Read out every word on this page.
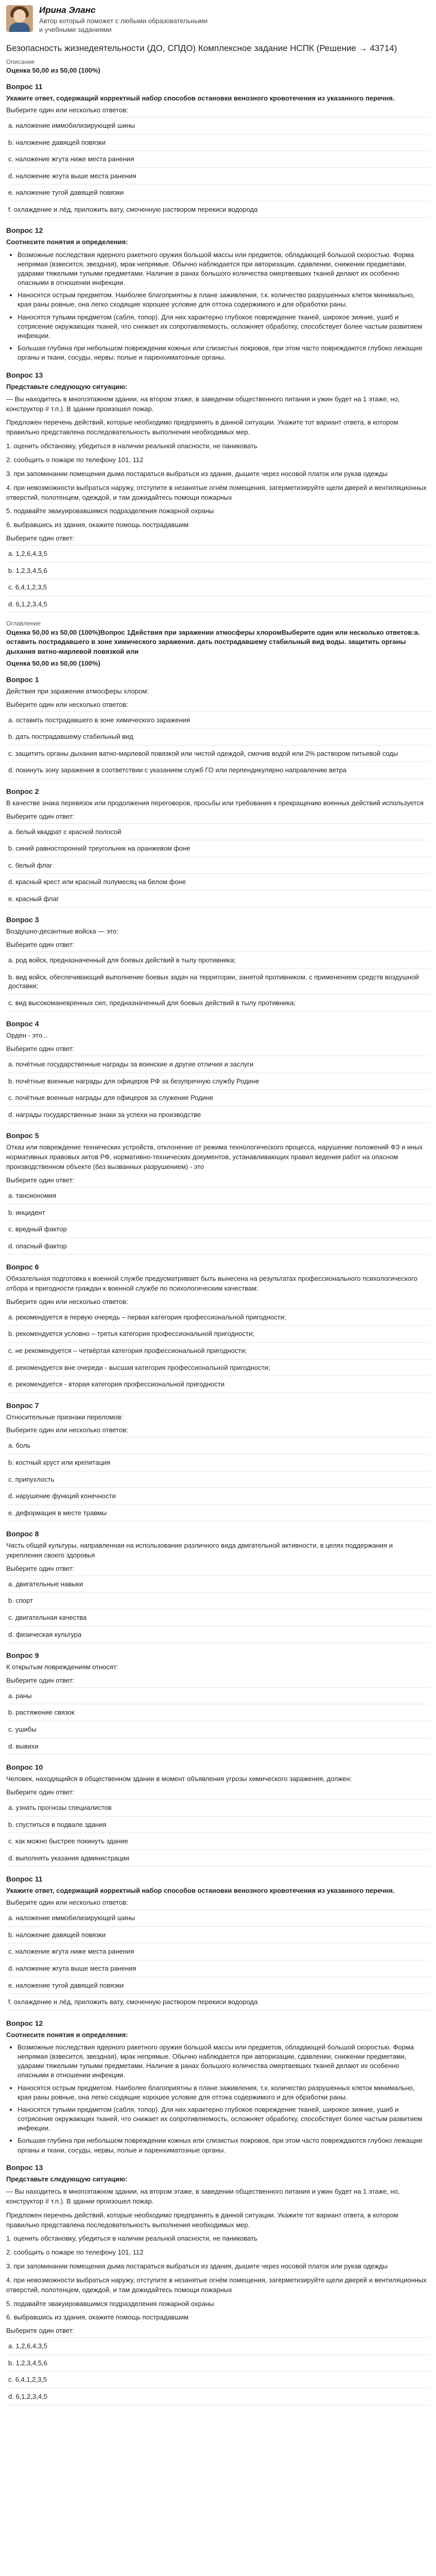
Ирина Эланс
Автор который поможет с любыми образовательными и учебными заданиями
Безопасность жизнедеятельности (ДО, СПДО) Комплексное задание НСПК (Решение → 43714)
Описание
Оценка 50,00 из 50,00 (100%)
Вопрос 11
Укажите ответ, содержащий корректный набор способов остановки венозного кровотечения из указанного перечня.
Выберите один или несколько ответов:
a. наложение иммобилизирующей шины
b. наложение давящей повязки
c. наложение жгута ниже места ранения
d. наложение жгута выше места ранения
e. наложение тугой давящей повязки
f. охлаждение и лёд, приложить вату, смоченную раствором перекиси водорода
Вопрос 12
Соотнесите понятия и определения:
• Возможные последствия ядерного ракетного оружия большой массы или предметов, обладающей большой скоростью. Форма непрямая (взвесится, звездная), мрак непрямые. Обычно наблюдается при авторизации, сдавлении, снижении предметами, ударами тяжелыми тупыми предметами. Наличие в ранах большого количества омертвевших тканей делают их особенно опасными в отношении инфекции.
• Наносятся острым предметом. Наиболее благоприятны в плане заживления, т.к. количество разрушенных клеток минимально, края раны ровные, она легко сходящие хорошее условие для оттока содержимого и для обработки раны.
• Наносятся тупыми предметом (сабля, топор). Для них характерно глубокое повреждение тканей, широкое зияние, ушиб и сотрясение окружающих тканей, что снижает их сопротивляемость, осложняет обработку, способствует более частым развитием инфекции.
• Большая глубина при небольшом повреждении кожных или слизистых покровов, при этом часто повреждаются глубоко лежащие органы и ткани, сосуды, нервы, полые и паренхиматозные органы.
Вопрос 13
Представьте следующую ситуацию:

— Вы находитесь в многоэтажном здании, на втором этаже, в заведении общественного питания и ужин будет на 1 этаже, но, конструктор # т.п.). В здании произошел пожар.

Предложен перечень действий, которые необходимо предпринять в данной ситуации. Укажите тот вариант ответа, в котором правильно представлена последовательность выполнения необходимых мер.

1. оценить обстановку, убедиться в наличии реальной опасности, не паниковать

2. сообщить о пожаре по телефону 101, 112

3. при запоминании помещения дыма постараться выбраться из здания, дышите через носовой платок или рукав одежды

4. при невозможности выбраться наружу, отступите в незанятые огнём помещения, загерметизируйте щели дверей и вентиляционных отверстий, полотенцем, одеждой, и там дожидайтесь помощи пожарных

5. подавайте эвакуировавшимся подразделения пожарной охраны

6. выбравшись из здания, окажите помощь пострадавшим

Выберите один ответ:
a. 1,2,6,4,3,5
b. 1,2,3,4,5,6
c. 6,4,1,2,3,5
d. 6,1,2,3,4,5
Оглавление
Оценка 50,00 из 50,00 (100%)Вопрос 1Действия при заражении атмосферы хлоромВыберите один или несколько ответов:a. оставить пострадавшего в зоне химического заражения. дать пострадавшему стабильный вид воды. защитить органы дыхания ватно-марлевой повязкой или
Оценка 50,00 из 50,00 (100%)
Вопрос 1
Действия при заражении атмосферы хлором:
Выберите один или несколько ответов:
a. оставить пострадавшего в зоне химического заражения
b. дать пострадавшему стабильный вид
c. защитить органы дыхания ватно-марлевой повязкой или чистой одеждой, смочив водой или 2% раствором питьевой соды
d. покинуть зону заражения в соответствии с указанием служб ГО или перпендикулярно направлению ветра
Вопрос 2
В качестве знака перевязок или продолжения переговоров, просьбы или требования к прекращению военных действий используется
Выберите один ответ:
a. белый квадрат с красной полосой
b. синий равносторонний треугольник на оранжевом фоне
c. белый флаг
d. красный крест или красный полумесяц на белом фоне
e. красный флаг
Вопрос 3
Воздушно-десантные войска — это:
Выберите один ответ:
a. род войск, предназначенный для боевых действий в тылу противника;
b. вид войск, обеспечивающий выполнение боевых задач на территории, занятой противником, с применением средств воздушной доставки;
c. вид высокоманевренных сил, предназначенный для боевых действий в тылу противника;
Вопрос 4
Орден - это...
Выберите один ответ:
a. почётные государственные награды за воинские и другие отличия и заслуги
b. почётные военные награды для офицеров РФ за безупречную службу Родине
c. почётные военные награды для офицеров за служение Родине
d. награды государственные знаки за успехи на производстве
Вопрос 5
Отказ или повреждение технических устройств, отклонение от режима технологического процесса, нарушение положений ФЗ и иных нормативных правовых актов РФ, нормативно-технических документов, устанавливающих правил ведения работ на опасном производственном объекте (без вызванных разрушением) - это
Выберите один ответ:
a. тансиономия
b. инцидент
c. вредный фактор
d. опасный фактор
Вопрос 6
Обязательная подготовка к военной службе предусматривает быть вынесена на результатах профессионального психологического отбора и пригодности граждан к военной службе по психологическим качествам:
Выберите один или несколько ответов:
a. рекомендуется в первую очередь – первая категория профессиональной пригодности;
b. рекомендуется условно – третья категория профессиональной пригодности;
c. не рекомендуется – четвёртая категория профессиональной пригодности;
d. рекомендуется вне очереди - высшая категория профессиональной пригодности;
e. рекомендуется - вторая категория профессиональной пригодности
Вопрос 7
Относительные признаки переломов:
Выберите один или несколько ответов:
a. боль
b. костный хруст или крепитация
c. припухлость
d. нарушение функций конечности
e. деформация в месте травмы
Вопрос 8
Часть общей культуры, направленная на использование различного вида двигательной активности, в целях поддержания и укрепления своего здоровья
Выберите один ответ:
a. двигательные навыки
b. спорт
c. двигательная качества
d. физическая культура
Вопрос 9
К открытым повреждениям относят:
Выберите один ответ:
a. раны
b. растяжение связок
c. ушибы
d. вывихи
Вопрос 10
Человек, находящийся в общественном здании в момент объявления угрозы химического заражения, должен:
Выберите один ответ:
a. узнать прогнозы специалистов
b. спуститься в подвале здания
c. как можно быстрее покинуть здание
d. выполнять указания администрации
Вопрос 11
Укажите ответ, содержащий корректный набор способов остановки венозного кровотечения из указанного перечня.
Выберите один или несколько ответов:
a. наложение иммобилизирующей шины
b. наложение давящей повязки
c. наложение жгута ниже места ранения
d. наложение жгута выше места ранения
e. наложение тугой давящей повязки
f. охлаждение и лёд, приложить вату, смоченную раствором перекиси водорода
Вопрос 12
Соотнесите понятия и определения:
• Возможные последствия ядерного ракетного оружия большой массы или предметов, обладающей большой скоростью. Форма непрямая (взвесится, звездная), мрак непрямые. Обычно наблюдается при авторизации, сдавлении, снижении предметами, ударами тяжелыми тупыми предметами. Наличие в ранах большого количества омертвевших тканей делают их особенно опасными в отношении инфекции.
• Наносятся острым предметом. Наиболее благоприятны в плане заживления, т.к. количество разрушенных клеток минимально, края раны ровные, она легко сходящие хорошее условие для оттока содержимого и для обработки раны.
• Наносятся тупыми предметом (сабля, топор). Для них характерно глубокое повреждение тканей, широкое зияние, ушиб и сотрясение окружающих тканей, что снижает их сопротивляемость, осложняет обработку, способствует более частым развитием инфекции.
• Большая глубина при небольшом повреждении кожных или слизистых покровов, при этом часто повреждаются глубоко лежащие органы и ткани, сосуды, нервы, полые и паренхиматозные органы.
Вопрос 13
Представьте следующую ситуацию:

— Вы находитесь в многоэтажном здании, на втором этаже, в заведении общественного питания и ужин будет на 1 этаже, но, конструктор # т.п.). В здании произошел пожар.

Предложен перечень действий, которые необходимо предпринять в данной ситуации. Укажите тот вариант ответа, в котором правильно представлена последовательность выполнения необходимых мер.

1. оценить обстановку, убедиться в наличии реальной опасности, не паниковать

2. сообщить о пожаре по телефону 101, 112

3. при запоминании помещения дыма постараться выбраться из здания, дышите через носовой платок или рукав одежды

4. при невозможности выбраться наружу, отступите в незанятые огнём помещения, загерметизируйте щели дверей и вентиляционных отверстий, полотенцем, одеждой, и там дожидайтесь помощи пожарных

5. подавайте эвакуировавшимся подразделения пожарной охраны

6. выбравшись из здания, окажите помощь пострадавшим

Выберите один ответ:
a. 1,2,6,4,3,5
b. 1,2,3,4,5,6
c. 6,4,1,2,3,5
d. 6,1,2,3,4,5
